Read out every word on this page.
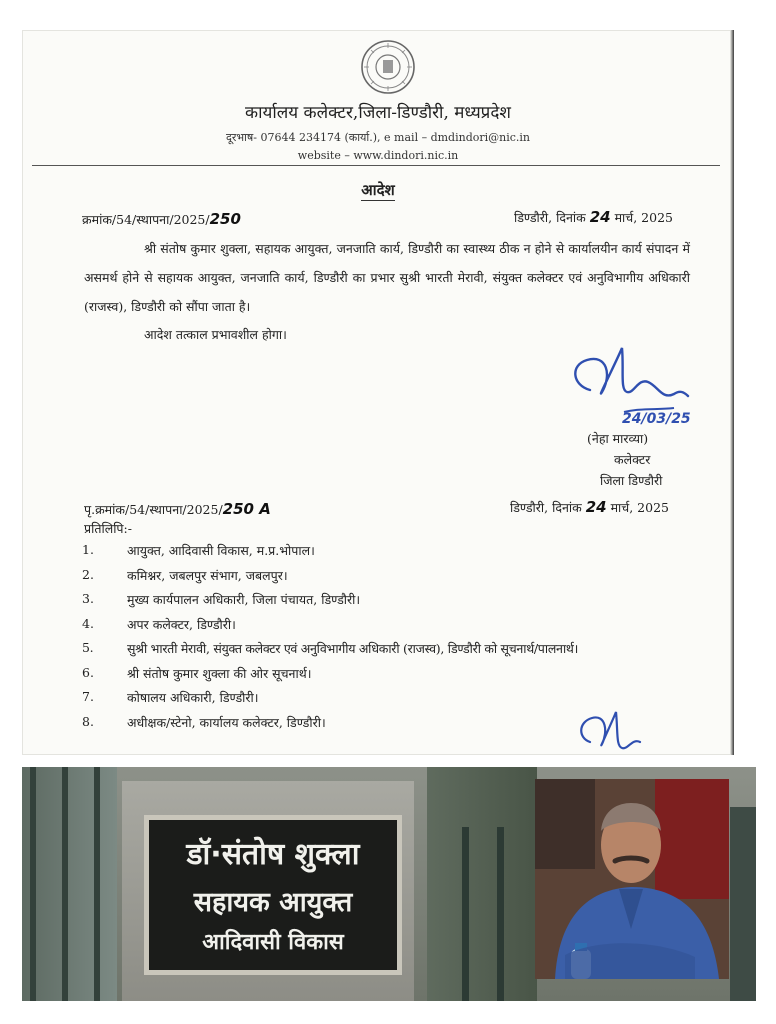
कार्यालय कलेक्टर,जिला-डिण्डौरी, मध्यप्रदेश
दूरभाष- 07644 234174 (कार्या.), e mail – dmdindori@nic.in
website – www.dindori.nic.in
आदेश
क्रमांक/54/स्थापना/2025/250	डिण्डौरी, दिनांक 24 मार्च, 2025
श्री संतोष कुमार शुक्ला, सहायक आयुक्त, जनजाति कार्य, डिण्डौरी का स्वास्थ्य ठीक न होने से कार्यालयीन कार्य संपादन में असमर्थ होने से सहायक आयुक्त, जनजाति कार्य, डिण्डौरी का प्रभार सुश्री भारती मेरावी, संयुक्त कलेक्टर एवं अनुविभागीय अधिकारी (राजस्व), डिण्डौरी को सौंपा जाता है।
आदेश तत्काल प्रभावशील होगा।
24/03/25
(नेहा मारव्या)
कलेक्टर
जिला डिण्डौरी
पृ.क्रमांक/54/स्थापना/2025/250 A	डिण्डौरी, दिनांक 24 मार्च, 2025
प्रतिलिपि:-
1.	आयुक्त, आदिवासी विकास, म.प्र.भोपाल।
2.	कमिश्नर, जबलपुर संभाग, जबलपुर।
3.	मुख्य कार्यपालन अधिकारी, जिला पंचायत, डिण्डौरी।
4.	अपर कलेक्टर, डिण्डौरी।
5.	सुश्री भारती मेरावी, संयुक्त कलेक्टर एवं अनुविभागीय अधिकारी (राजस्व), डिण्डौरी को सूचनार्थ/पालनार्थ।
6.	श्री संतोष कुमार शुक्ला की ओर सूचनार्थ।
7.	कोषालय अधिकारी, डिण्डौरी।
8.	अधीक्षक/स्टेनो, कार्यालय कलेक्टर, डिण्डौरी।
डॉ·संतोष शुक्ला
सहायक आयुक्त
आदिवासी विकास
